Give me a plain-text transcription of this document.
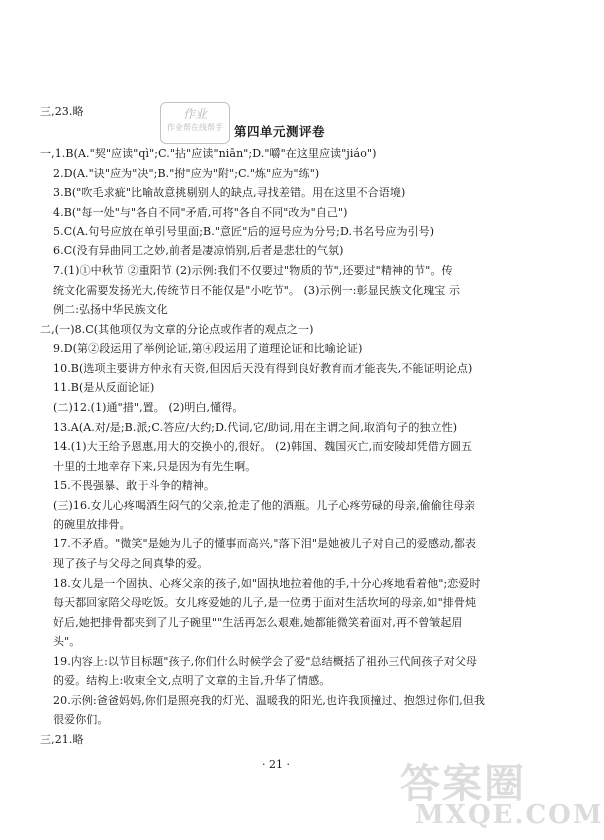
作业
作业帮在线帮手
答案圈
MXQE.COM
三,23.略
第四单元测评卷
一,1.B(A."契"应读"qì";C."拈"应读"niān";D."嚼"在这里应读"jiáo")
2.D(A."诀"应为"决";B."拊"应为"附";C."炼"应为"练")
3.B("吹毛求疵"比喻故意挑剔别人的缺点,寻找差错。用在这里不合语境)
4.B("每一处"与"各自不同"矛盾,可将"各自不同"改为"自己")
5.C(A.句号应放在单引号里面;B."意匠"后的逗号应为分号;D.书名号应为引号)
6.C(没有异曲同工之妙,前者是凄凉悄别,后者是悲壮的气氛)
7.(1)①中秋节 ②重阳节 (2)示例:我们不仅要过"物质的节",还要过"精神的节"。传
统文化需要发扬光大,传统节日不能仅是"小吃节"。 (3)示例一:彰显民族文化瑰宝 示
例二:弘扬中华民族文化
二,(一)8.C(其他项仅为文章的分论点或作者的观点之一)
9.D(第②段运用了举例论证,第④段运用了道理论证和比喻论证)
10.B(选项主要讲方仲永有天资,但因后天没有得到良好教育而才能丧失,不能证明论点)
11.B(是从反面论证)
(二)12.(1)通"措",置。 (2)明白,懂得。
13.A(A.对/是;B.派;C.答应/大约;D.代词,它/助词,用在主谓之间,取消句子的独立性)
14.(1)大王给予恩惠,用大的交换小的,很好。 (2)韩国、魏国灭亡,而安陵却凭借方圆五
十里的土地幸存下来,只是因为有先生啊。
15.不畏强暴、敢于斗争的精神。
(三)16.女儿心疼喝酒生闷气的父亲,抢走了他的酒瓶。儿子心疼劳碌的母亲,偷偷往母亲
的碗里放排骨。
17.不矛盾。"微笑"是她为儿子的懂事而高兴,"落下泪"是她被儿子对自己的爱感动,都表
现了孩子与父母之间真挚的爱。
18.女儿是一个固执、心疼父亲的孩子,如"固执地拉着他的手,十分心疼地看着他";恋爱时
每天都回家陪父母吃饭。女儿疼爱她的儿子,是一位勇于面对生活坎坷的母亲,如"排骨炖
好后,她把排骨都夹到了儿子碗里""生活再怎么艰难,她都能微笑着面对,再不曾皱起眉
头"。
19.内容上:以节目标题"孩子,你们什么时候学会了爱"总结概括了祖孙三代间孩子对父母
的爱。结构上:收束全文,点明了文章的主旨,升华了情感。
20.示例:爸爸妈妈,你们是照亮我的灯光、温暖我的阳光,也许我顶撞过、抱怨过你们,但我
很爱你们。
三,21.略
· 21 ·
